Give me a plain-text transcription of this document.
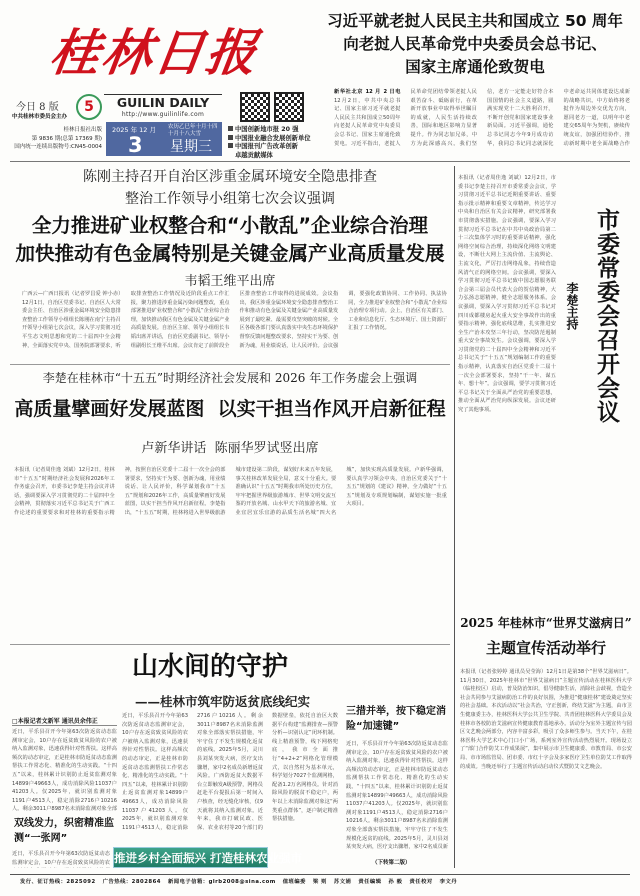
桂林日报
今日 8 版	5
中共桂林市委员会主办
GUILIN DAILY
http://www.guilinlife.com
桂林日报社出版
第 9836 期(总第 17369 期)
国内统一连续出版物号:CN45-0004
2025 年 12 月
3
农历乙巳年十月十四
十月十八大雪
星期三
中国创新地市报 20 强
中国报业融合发展创新单位
中国报刊广告改革创新
卓越贡献媒体
习近平就老挝人民民主共和国成立 50 周年
向老挝人民革命党中央委员会总书记、
国家主席通伦致贺电
新华社北京 12 月 2 日电 12月2日，中共中央总书记、国家主席习近平就老挝人民民主共和国成立50周年向老挝人民革命党中央委员会总书记、国家主席通伦致贺电。习近平指出，老挝人民革命党团结带领老挝人民艰苦奋斗、砥砺前行，在革新开放事业中取得举世瞩目的成就，人民生活持续改善，国际和地区影响力显著提升。作为同志加兄弟，中方为此深感高兴。我们坚信，老方一定能走好符合本国国情的社会主义道路，圆满实现党十二大胜利召开，不断开创党和国家建设事业新局面。习近平强调，通伦总书记同志今年9月成功访华，我同总书记同志就深化中老命运共同体建设达成新的战略共识。中方始终将老挝作为周边外交优先方向，愿同老方一道，以明年中老建交65周年为契机，赓续传统友谊，加强团结协作，推动新时期中老全面战略合作
陈刚主持召开自治区涉重金属环境安全隐患排查
整治工作领导小组第七次会议强调
全力推进矿业权整合和“小散乱”企业综合治理
加快推动有色金属特别是关键金属产业高质量发展
韦韬王维平出席
广西云—广西日报讯（记者罗昌爱 钟小赤）12月1日，自治区党委书记、自治区人大常委会主任、自治区涉重金属环境安全隐患排查整治工作领导小组组长陈刚在南宁主持召开领导小组第七次会议，深入学习贯彻习近平生态文明思想和党的二十届四中全会精神，全面落实党中央、国务院部署要求，听取排查整治工作情况及近阶段重点工作汇报，聚力推进涉重金属污染问题整改，重点部署推进矿业权整合和“小散乱”企业综合治理，加快推动我区有色金属及关键金属产业高质量发展。自治区主席、领导小组组长韦韬出席并讲话，自治区党委副书记、领导小组副组长王维平出席。会议肯定了前阶段全区排查整治工作取得的进展成效。会议指出，我区涉重金属环境安全隐患排查整治工作和推动有色金属及关键金属产业高质量发展到了最吃紧、最需要攻坚突破的时候。全区各级各部门要认真落实中央生态环境保护督察反馈问题整改要求，坚持实干为要、创新为魂，用业绩说话，让人民评价。会议强调，要强化政策协同、工作协同、执法协同，全力推进矿业权整合和“小散乱”企业综合治理专项行动。会上，自治区有关部门、工业和信息化厅、生态环境厅、国土资源厅汇报了工作情况。
李楚在桂林市“十五五”时期经济社会发展和 2026 年工作务虚会上强调
高质量擘画好发展蓝图  以实干担当作风开启新征程
卢新华讲话  陈丽华罗试竖出席
本报讯（记者周佳逸 刘斌）12月2日，桂林市“十五五”时期经济社会发展和2026年工作务虚会召开，市委书记李楚主持会议并讲话，强调要深入学习贯彻党的二十届四中全会精神，贯彻落实习近平总书记关于广西工作论述的重要要求和对桂林的重要指示精神，按照自治区党委十二届十一次全会的部署要求，坚持实干为要、创新为魂，用业绩说话、让人民评价，科学谋划我市“十五五”规划和2026年工作，高质量擘画好发展蓝图，以实干担当作风开启新征程。李楚指出，“十五五”时期，桂林将进入世界级旅游城市建设第二阶段，谋划好未来五年发展，事关桂林改革发展全局，意义十分重大。要准确认识“十五五”时期我市所处历史方位，牢牢把握世界级旅游城市、世界文明交流互鉴的开放名城、山水甲天下的旅游名城、宜业宜居宜乐宜游的品质生活名城“四大名城”，加快实现高质量发展。卢新华强调，要认真学习领会中央、自治区党委关于“十五五”规划的《建议》精神，全力做好“十五五”规划及专项规划编制，谋划实施一批重大项目。
本报讯（记者周佳逸 刘斌）12月2日，市委书记李楚主持召开市委常委会会议，学习贯彻习近平总书记近期重要讲话、重要指示批示精神和重要文章精神，传达学习中央和自治区有关会议精神，研究部署我市贯彻落实措施。会议强调，要深入学习贯彻习近平总书记在中共中央政治局第二十三次集体学习时的重要讲话精神，强化网络空间综合治理，持续深化网络文明建设，不断壮大网上主流价值、主流舆论、主流文化，严厉打击网络乱象，持续营造风清气正的网络空间。会议强调，要深入学习贯彻习近平总书记致中国志愿服务联合会第三届会员代表大会的贺信精神，大力弘扬志愿精神，健全志愿服务体系。会议强调，要深入学习贯彻习近平总书记对四川成都楼房起火重大安全事故作出的重要指示精神，强化底线思维，扎实推进安全生产治本攻坚三年行动，坚决防范遏制重大安全事故发生。会议强调，要深入学习贯彻党的二十届四中全会精神和习近平总书记关于“十五五”规划编制工作的重要指示精神，认真落实自治区党委十二届十一次全会部署要求，坚持“干一年、谋五年、想十年”。会议强调，要学习贯彻习近平总书记关于全面从严治党的重要思想，推动全面从严治党向纵深发展。会议还研究了其他事项。	市委常委会召开会议
李楚主持
2025 年桂林市“世界艾滋病日”
主题宣传活动举行
本报讯（记者张婷婷 通讯员吴莹海）12月1日是第38个“世界艾滋病日”。11月30日，2025年桂林市“世界艾滋病日”主题宣传活动在桂林医科大学（临桂校区）启动，普及防治知识，倡导健康生活，消除社会歧视，营造全社会共同参与艾滋病防治工作的良好氛围，为推进“健康桂林”建设奠定坚实的社会基础。本次活动以“社会共治，守正创新，终结艾滋”为主题，由市卫生健康委主办，桂林医科大学公共卫生学院、共青团桂林医科大学委员会及桂林市各校防治艾滋病宣传健康教育基地承办。活动分为室外主题宣传与园区文艺晚会两部分，内容丰富多彩，吸引了众多师生参与。当天下午，在桂林医科大学艺术中心门口小广场，系列室外宣传活动热烈展开。现场设立了“部门合作防艾工作成果展”，集中展示市卫生健康委、市教育局、市公安局、市市场监管局、团市委、市红十字会及多家医疗卫生单位防艾工作取得的成效。当晚还举行了主题宣传活动启动仪式暨防艾文艺晚会。
山水间的守护
——桂林市筑牢防返贫底线纪实
□本报记者文新军 通讯员余伟正
近日，平乐县召开今年第63次防返贫动态监测审定会，10户存在返贫致贫风险的农户被纳入监测对象，迅速获得针对性帮扶。这样高频次的动态审定，正是桂林市防返贫动态监测帮扶工作常态化、精准化的生动实践。“十四五”以来，桂林累计识别防止返贫监测对象14899户49663人，成功消除风险11037户41203人。仅2025年，就识别监测对象1191户4513人，稳定消除2716户10216人。剩余3011户8987名未消除监测对象全部
双线发力，织密精准监测“一张网”
近日，平乐县召开今年第63次防返贫动态监测审定会，10户存在返贫致贫风险的农
近日，平乐县召开今年第63次防返贫动态监测审定会，10户存在返贫致贫风险的农户被纳入监测对象，迅速获得针对性帮扶。这样高频次的动态审定，正是桂林市防返贫动态监测帮扶工作常态化、精准化的生动实践。“十四五”以来，桂林累计识别防止返贫监测对象14899户49663人，成功消除风险11037户41203人。仅2025年，就识别监测对象1191户4513人，稳定消除2716户10216人。剩余3011户8987名未消除监测对象全部落实帮扶措施，牢牢守住了不发生规模化返贫的底线。2025年5月，灵川县刘某突发大病，医疗支出骤增，家中2名成员新增返贫风险。广西防返贫大数据平台立即触发A级预警，网格员赶赴平台提报后第一时间入户核查，经无缝化审核，仅9天就将其纳入监测对象。近年来，我市打破民政、医保、农业农村等20个部门的数据壁垒，依托自治区大数据平台构建“监测排查—预警分析—识别认定”闭环机制。线上精准预警，线下网格兜底，我市全面推行“4+2+2”网格化管理模式，以自然村为基本单元，科学划分7027个监测网格，配备1.2万名网格员。针对消除风险的脱贫不稳定户，两年以上未消除监测对象这“两类重点群体”，逐户制定精准帮扶措施。
三措并举，按下稳定消险“加速键”
近日，平乐县召开今年第63次防返贫动态监测审定会，10户存在返贫致贫风险的农户被纳入监测对象，迅速获得针对性帮扶。这样高频次的动态审定，正是桂林市防返贫动态监测帮扶工作常态化、精准化的生动实践。“十四五”以来，桂林累计识别防止返贫监测对象14899户49663人，成功消除风险11037户41203人。仅2025年，就识别监测对象1191户4513人，稳定消除2716户10216人。剩余3011户8987名未消除监测对象全部落实帮扶措施，牢牢守住了不发生规模化返贫的底线。2025年5月，灵川县刘某突发大病，医疗支出骤增，家中2名成员新
（下转第二版）
推进乡村全面振兴 打造桂林农业强市
发行、征订热线：2825092 广告热线：2802864 新闻电子信箱：glrb2008@sina.com 值班编委 梁 则 苏文娟 责任编辑 孙 毅 责任校对 李文丹
